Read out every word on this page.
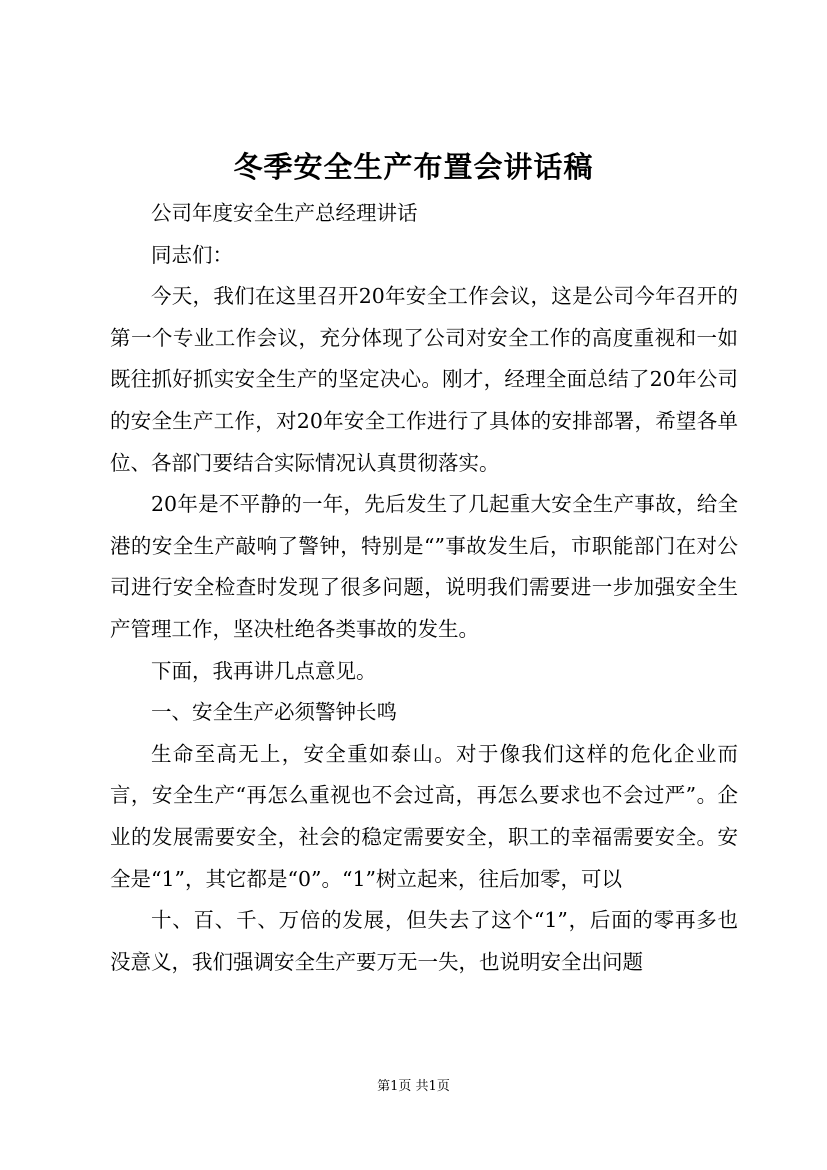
冬季安全生产布置会讲话稿

公司年度安全生产总经理讲话

同志们：

今天，我们在这里召开20年安全工作会议，这是公司今年召开的第一个专业工作会议，充分体现了公司对安全工作的高度重视和一如既往抓好抓实安全生产的坚定决心。刚才，经理全面总结了20年公司的安全生产工作，对20年安全工作进行了具体的安排部署，希望各单位、各部门要结合实际情况认真贯彻落实。

20年是不平静的一年，先后发生了几起重大安全生产事故，给全港的安全生产敲响了警钟，特别是“”事故发生后，市职能部门在对公司进行安全检查时发现了很多问题，说明我们需要进一步加强安全生产管理工作，坚决杜绝各类事故的发生。

下面，我再讲几点意见。

一、安全生产必须警钟长鸣

生命至高无上，安全重如泰山。对于像我们这样的危化企业而言，安全生产“再怎么重视也不会过高，再怎么要求也不会过严”。企业的发展需要安全，社会的稳定需要安全，职工的幸福需要安全。安全是“1”，其它都是“0”。“1”树立起来，往后加零，可以

十、百、千、万倍的发展，但失去了这个“1”，后面的零再多也没意义，我们强调安全生产要万无一失，也说明安全出问题

第1页 共1页
